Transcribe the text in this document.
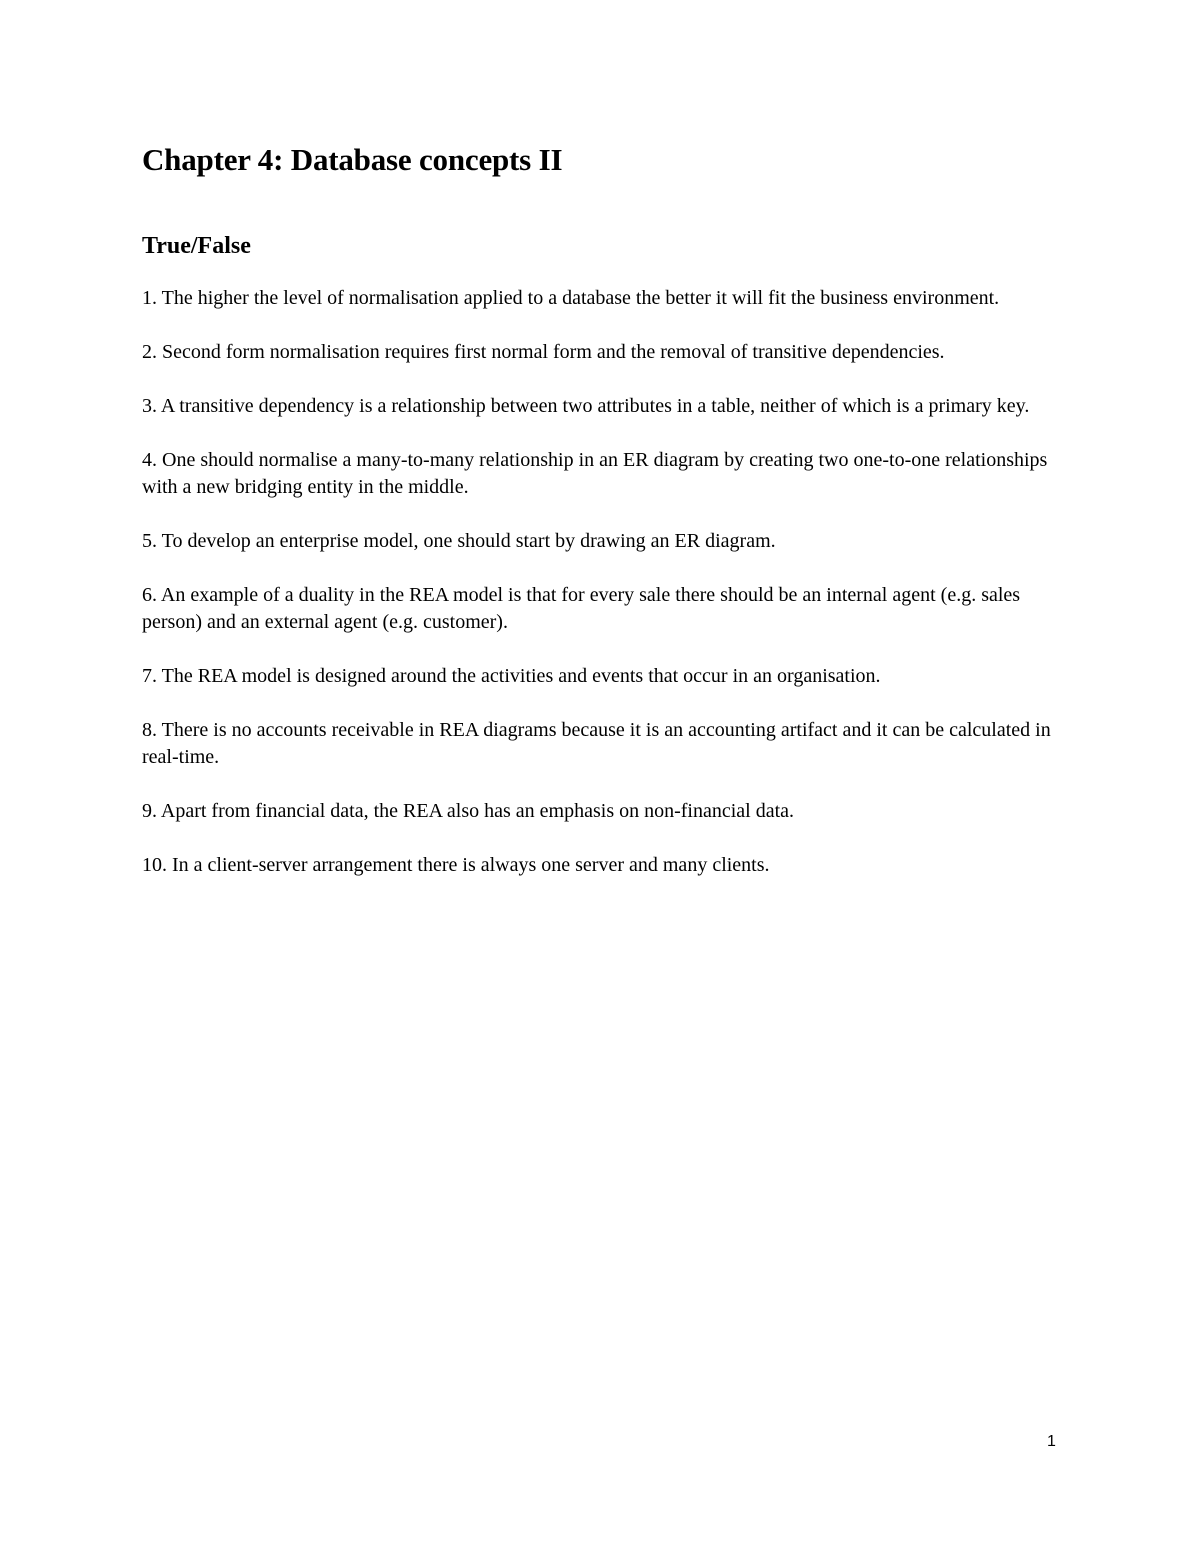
Chapter 4: Database concepts II
True/False
1. The higher the level of normalisation applied to a database the better it will fit the business environment.
2. Second form normalisation requires first normal form and the removal of transitive dependencies.
3. A transitive dependency is a relationship between two attributes in a table, neither of which is a primary key.
4. One should normalise a many-to-many relationship in an ER diagram by creating two one-to-one relationships with a new bridging entity in the middle.
5. To develop an enterprise model, one should start by drawing an ER diagram.
6. An example of a duality in the REA model is that for every sale there should be an internal agent (e.g. sales person) and an external agent (e.g. customer).
7. The REA model is designed around the activities and events that occur in an organisation.
8. There is no accounts receivable in REA diagrams because it is an accounting artifact and it can be calculated in real-time.
9. Apart from financial data, the REA also has an emphasis on non-financial data.
10. In a client-server arrangement there is always one server and many clients.
1
